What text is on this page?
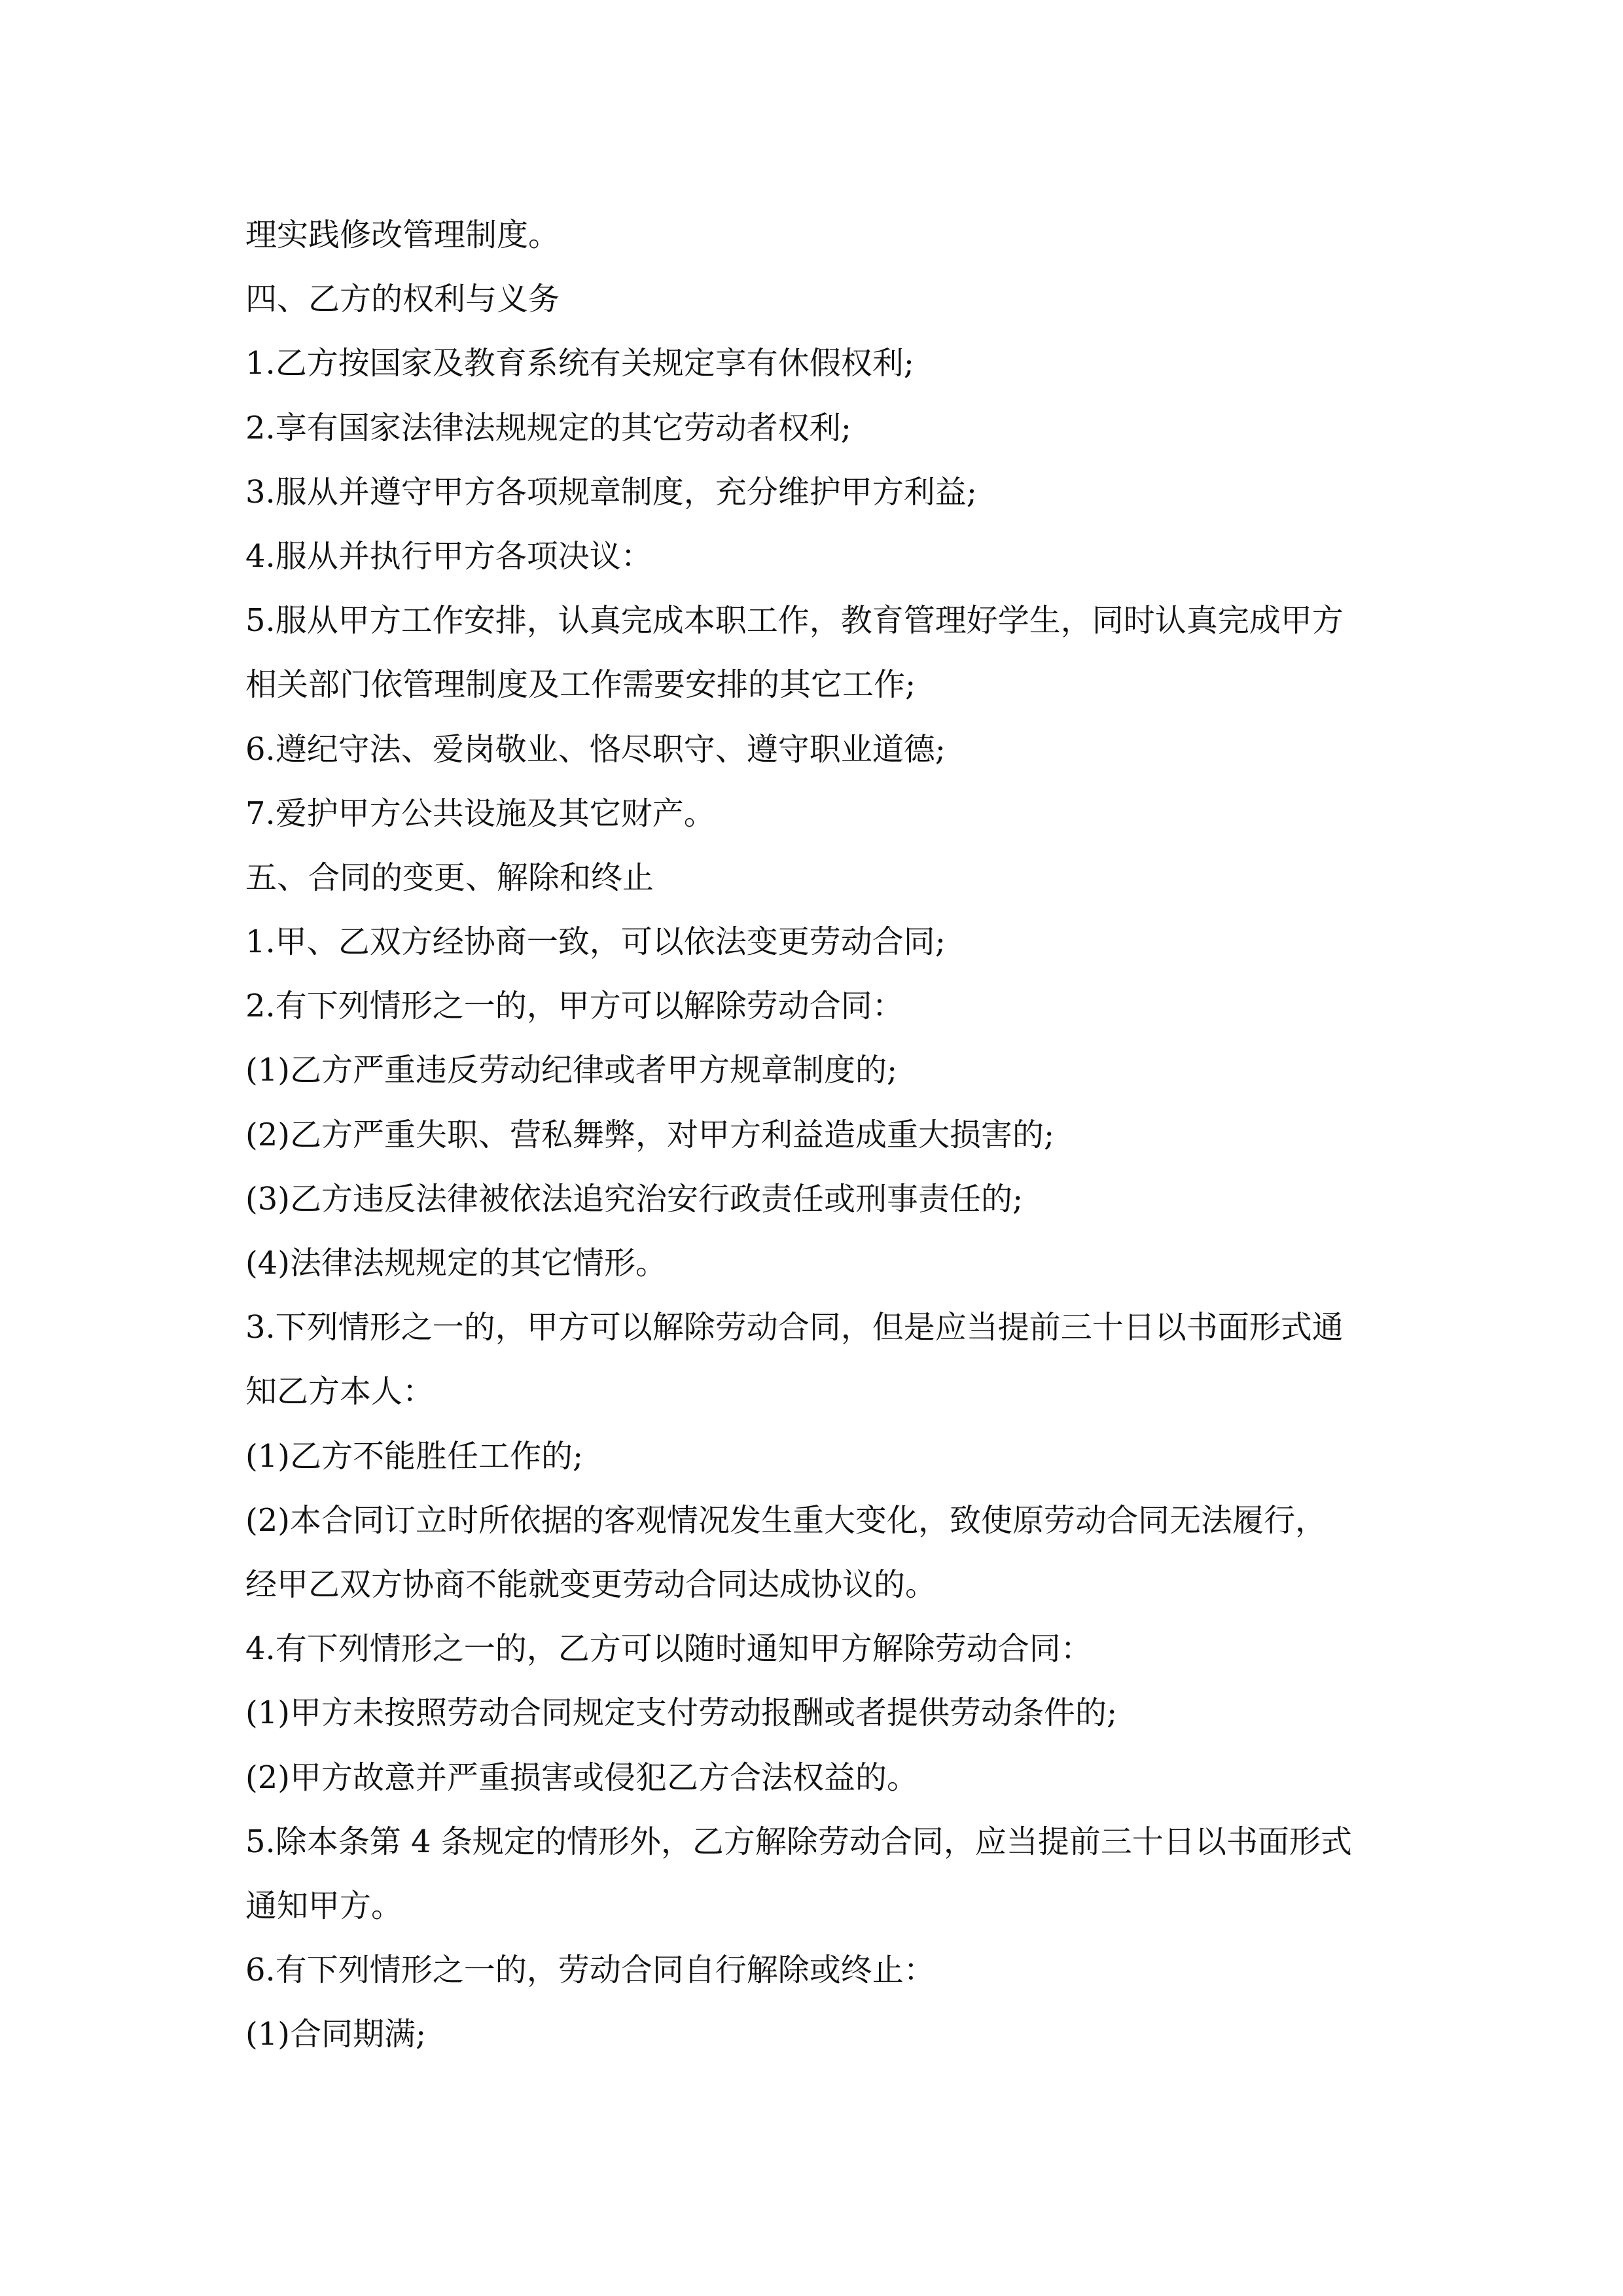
理实践修改管理制度。

四、乙方的权利与义务

1.乙方按国家及教育系统有关规定享有休假权利;

2.享有国家法律法规规定的其它劳动者权利;

3.服从并遵守甲方各项规章制度，充分维护甲方利益;

4.服从并执行甲方各项决议：

5.服从甲方工作安排，认真完成本职工作，教育管理好学生，同时认真完成甲方

相关部门依管理制度及工作需要安排的其它工作;

6.遵纪守法、爱岗敬业、恪尽职守、遵守职业道德;

7.爱护甲方公共设施及其它财产。

五、合同的变更、解除和终止

1.甲、乙双方经协商一致，可以依法变更劳动合同;

2.有下列情形之一的，甲方可以解除劳动合同：

(1)乙方严重违反劳动纪律或者甲方规章制度的;

(2)乙方严重失职、营私舞弊，对甲方利益造成重大损害的;

(3)乙方违反法律被依法追究治安行政责任或刑事责任的;

(4)法律法规规定的其它情形。

3.下列情形之一的，甲方可以解除劳动合同，但是应当提前三十日以书面形式通

知乙方本人：

(1)乙方不能胜任工作的;

(2)本合同订立时所依据的客观情况发生重大变化，致使原劳动合同无法履行，

经甲乙双方协商不能就变更劳动合同达成协议的。

4.有下列情形之一的，乙方可以随时通知甲方解除劳动合同：

(1)甲方未按照劳动合同规定支付劳动报酬或者提供劳动条件的;

(2)甲方故意并严重损害或侵犯乙方合法权益的。

5.除本条第 4 条规定的情形外，乙方解除劳动合同，应当提前三十日以书面形式

通知甲方。

6.有下列情形之一的，劳动合同自行解除或终止：

(1)合同期满;
